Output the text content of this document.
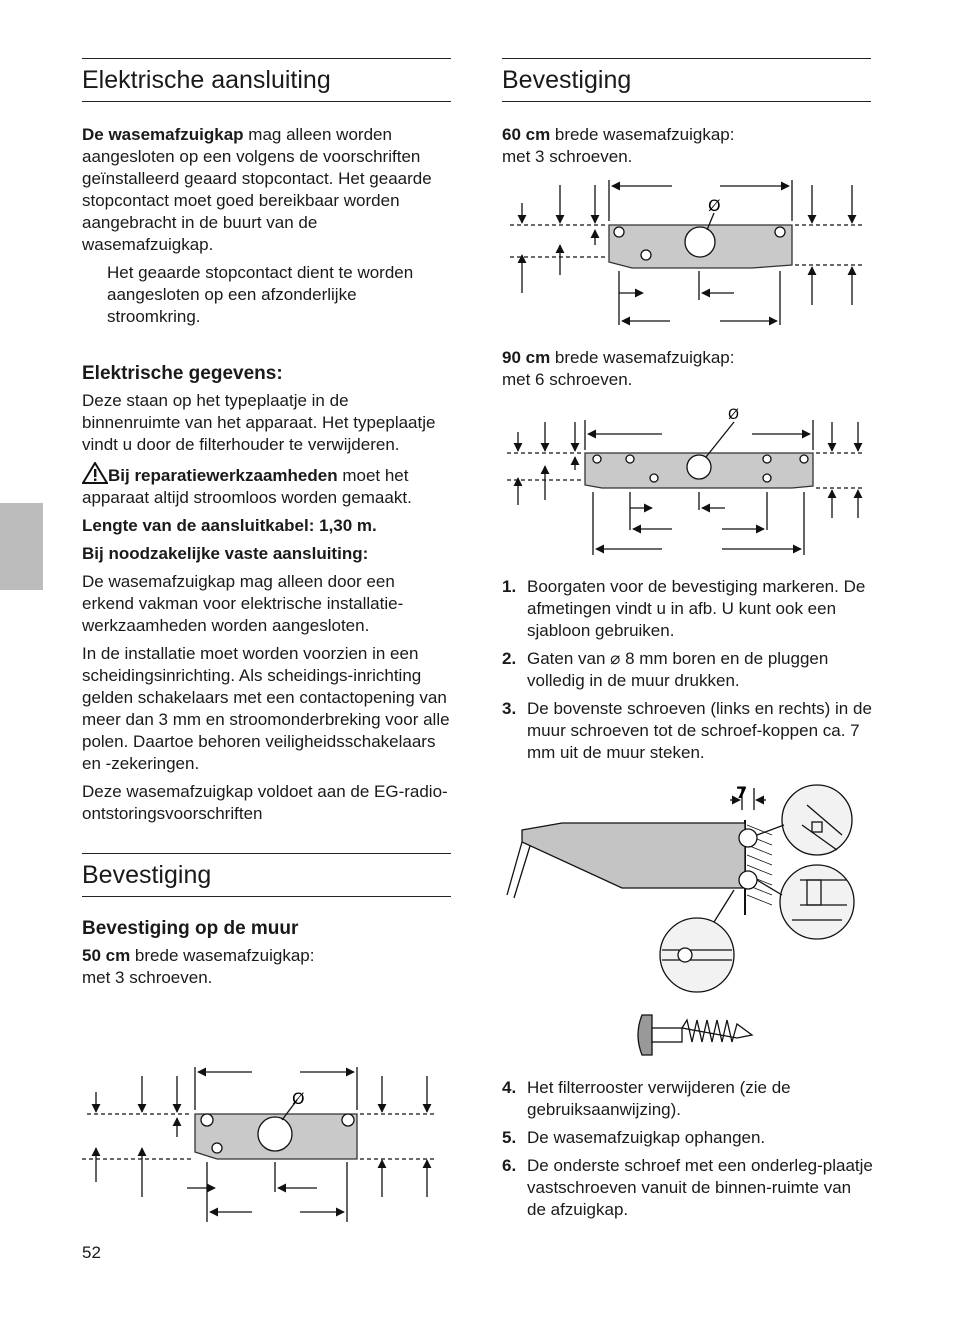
Elektrische aansluiting

De wasemafzuigkap mag alleen worden aangesloten op een volgens de voorschriften geïnstalleerd geaard stopcontact. Het geaarde stopcontact moet goed bereikbaar worden aangebracht in de buurt van de wasemafzuigkap.

Het geaarde stopcontact dient te worden aangesloten op een afzonderlijke stroomkring.

Elektrische gegevens:

Deze staan op het typeplaatje in de binnenruimte van het apparaat. Het typeplaatje vindt u door de filterhouder te verwijderen.

Bij reparatiewerkzaamheden moet het apparaat altijd stroomloos worden gemaakt.

Lengte van de aansluitkabel: 1,30 m.

Bij noodzakelijke vaste aansluiting:

De wasemafzuigkap mag alleen door een erkend vakman voor elektrische installatie-werkzaamheden worden aangesloten.

In de installatie moet worden voorzien in een scheidingsinrichting. Als scheidings-inrichting gelden schakelaars met een contactopening van meer dan 3 mm en stroomonderbreking voor alle polen. Daartoe behoren veiligheidsschakelaars en -zekeringen.

Deze wasemafzuigkap voldoet aan de EG-radio-ontstoringsvoorschriften

Bevestiging
Bevestiging op de muur

50 cm brede wasemafzuigkap:

met 3 schroeven.

Ø
52
Bevestiging

60 cm brede wasemafzuigkap:

met 3 schroeven.

Ø

90 cm brede wasemafzuigkap:

met 6 schroeven.

Ø
1. Boorgaten voor de bevestiging markeren. De afmetingen vindt u in afb. U kunt ook een sjabloon gebruiken.
2. Gaten van ⌀ 8 mm boren en de pluggen volledig in de muur drukken.
3. De bovenste schroeven (links en rechts) in de muur schroeven tot de schroef-koppen ca. 7 mm uit de muur steken.
7
4. Het filterrooster verwijderen (zie de gebruiksaanwijzing).
5. De wasemafzuigkap ophangen.
6. De onderste schroef met een onderleg-plaatje vastschroeven vanuit de binnen-ruimte van de afzuigkap.
